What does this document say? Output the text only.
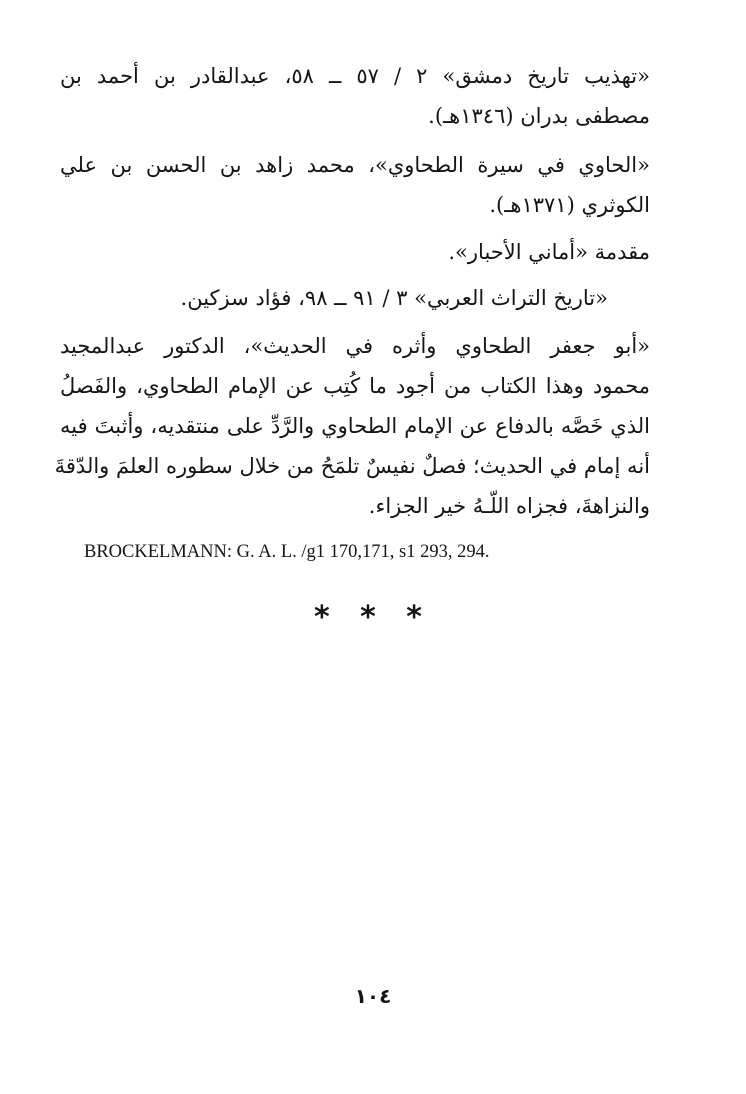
«تهذيب تاريخ دمشق» ٢ / ٥٧ ــ ٥٨، عبدالقادر بن أحمد بن
مصطفى بدران (١٣٤٦هـ).
«الحاوي في سيرة الطحاوي»، محمد زاهد بن الحسن بن علي
الكوثري (١٣٧١هـ).
مقدمة «أماني الأحبار».
«تاريخ التراث العربي» ٣ / ٩١ ــ ٩٨، فؤاد سزكين.
«أبو جعفر الطحاوي وأثره في الحديث»، الدكتور عبدالمجيد
محمود وهذا الكتاب من أجود ما كُتِب عن الإمام الطحاوي، والفَصلُ
الذي خَصَّه بالدفاع عن الإمام الطحاوي والرَّدِّ على منتقديه، وأثبتَ فيه
أنه إمام في الحديث؛ فصلٌ نفيسٌ تلمَحُ من خلال سطوره العلمَ والدّقةَ
والنزاهةَ، فجزاه اللّـهُ خير الجزاء.
BROCKELMANN: G. A. L. /g1 170,171, s1 293, 294.
* * *
١٠٤
